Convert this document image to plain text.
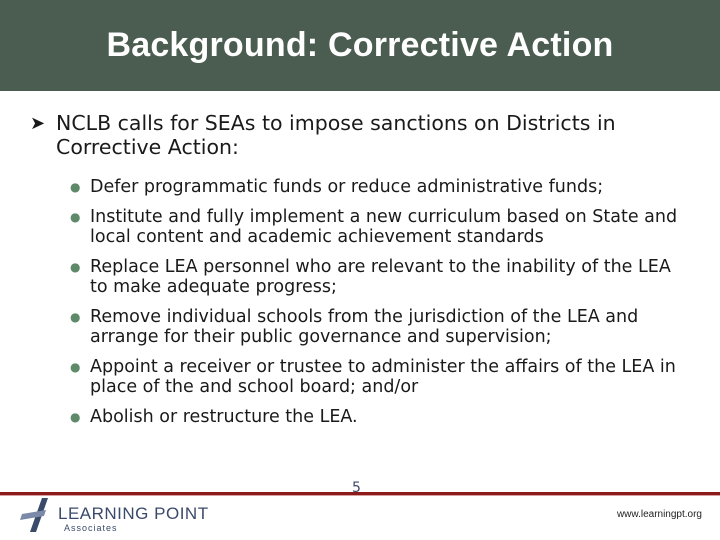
Background: Corrective Action
➤ NCLB calls for SEAs to impose sanctions on Districts in Corrective Action:
● Defer programmatic funds or reduce administrative funds;
● Institute and fully implement a new curriculum based on State and local content and academic achievement standards
● Replace LEA personnel who are relevant to the inability of the LEA to make adequate progress;
● Remove individual schools from the jurisdiction of the LEA and arrange for their public governance and supervision;
● Appoint a receiver or trustee to administer the affairs of the LEA in place of the and school board; and/or
● Abolish or restructure the LEA.
LEARNING POINT
Associates
5
www.learningpt.org
